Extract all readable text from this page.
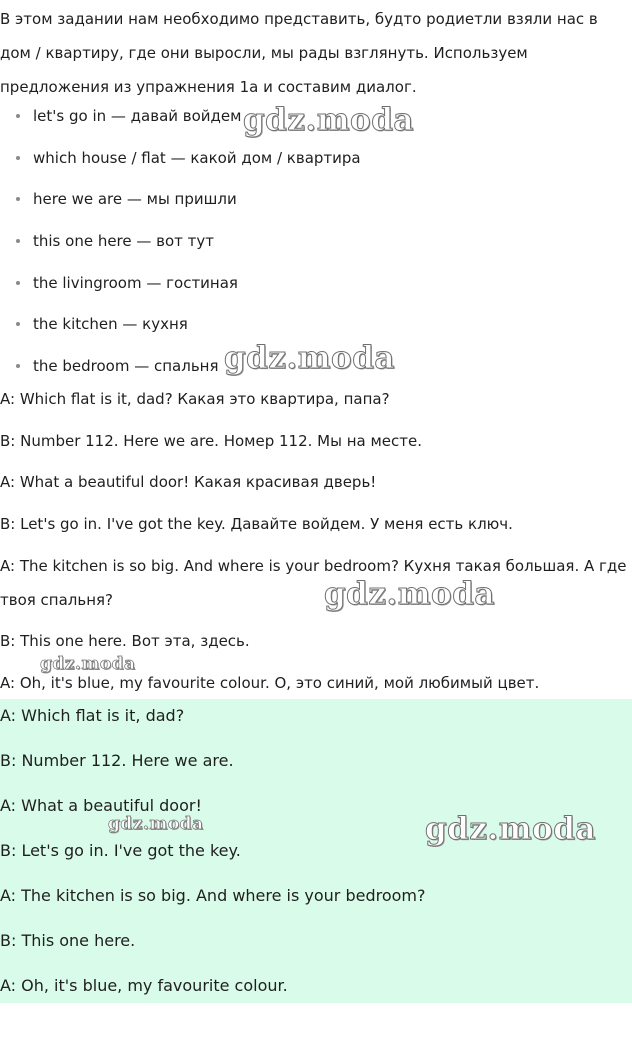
В этом задании нам необходимо представить, будто родиетли взяли нас в дом / квартиру, где они выросли, мы рады взглянуть. Используем предложения из упражнения 1a и составим диалог.

let's go in — давай войдем
which house / flat — какой дом / квартира
here we are — мы пришли
this one here — вот тут
the livingroom — гостиная
the kitchen — кухня
the bedroom — спальня

A: Which flat is it, dad? Какая это квартира, папа?

B: Number 112. Here we are. Номер 112. Мы на месте.

A: What a beautiful door! Какая красивая дверь!

B: Let's go in. I've got the key. Давайте войдем. У меня есть ключ.

A: The kitchen is so big. And where is your bedroom? Кухня такая большая. А где твоя спальня?

B: This one here. Вот эта, здесь.

A: Oh, it's blue, my favourite colour. О, это синий, мой любимый цвет.

A: Which flat is it, dad?

B: Number 112. Here we are.

A: What a beautiful door!

B: Let's go in. I've got the key.

A: The kitchen is so big. And where is your bedroom?

B: This one here.

A: Oh, it's blue, my favourite colour.

gdz.moda
gdz.moda
gdz.moda
gdz.moda
gdz.moda	gdz.moda
